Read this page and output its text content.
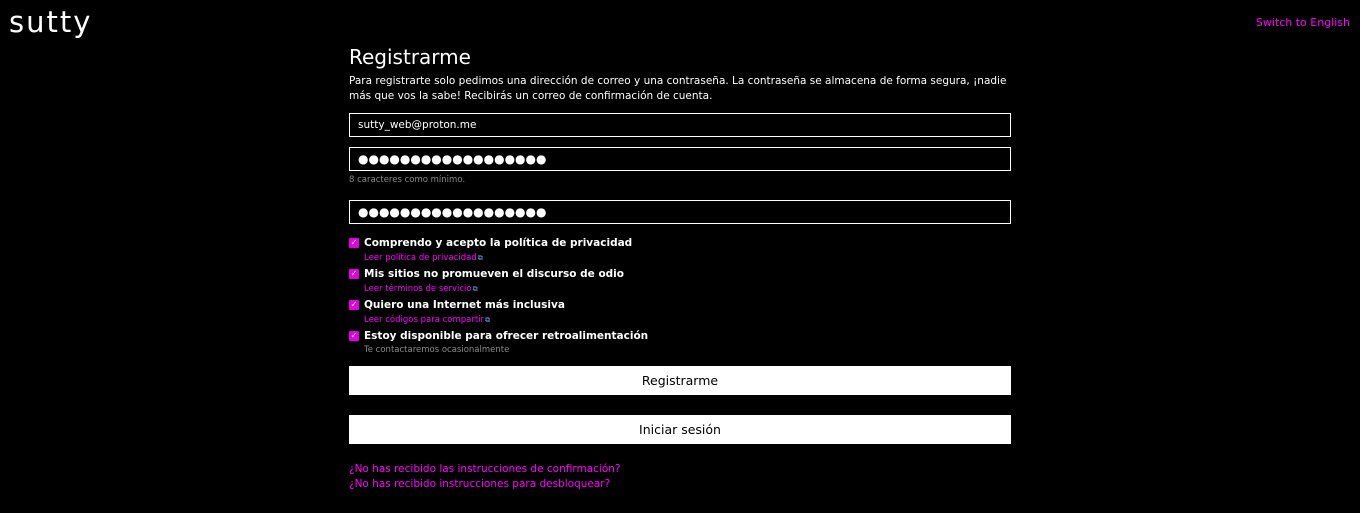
sutty	Switch to English
Registrarme

Para registrarte solo pedimos una dirección de correo y una contraseña. La contraseña se almacena de forma segura, ¡nadie más que vos la sabe! Recibirás un correo de confirmación de cuenta.

sutty_web@proton.me
●●●●●●●●●●●●●●●●●●
8 caracteres como mínimo.
●●●●●●●●●●●●●●●●●●
✓ Comprendo y acepto la política de privacidad
Leer política de privacidad ⧉
✓ Mis sitios no promueven el discurso de odio
Leer términos de servicio ⧉
✓ Quiero una Internet más inclusiva
Leer códigos para compartir ⧉
✓ Estoy disponible para ofrecer retroalimentación
Te contactaremos ocasionalmente
Registrarme
Iniciar sesión
¿No has recibido las instrucciones de confirmación?
¿No has recibido instrucciones para desbloquear?
